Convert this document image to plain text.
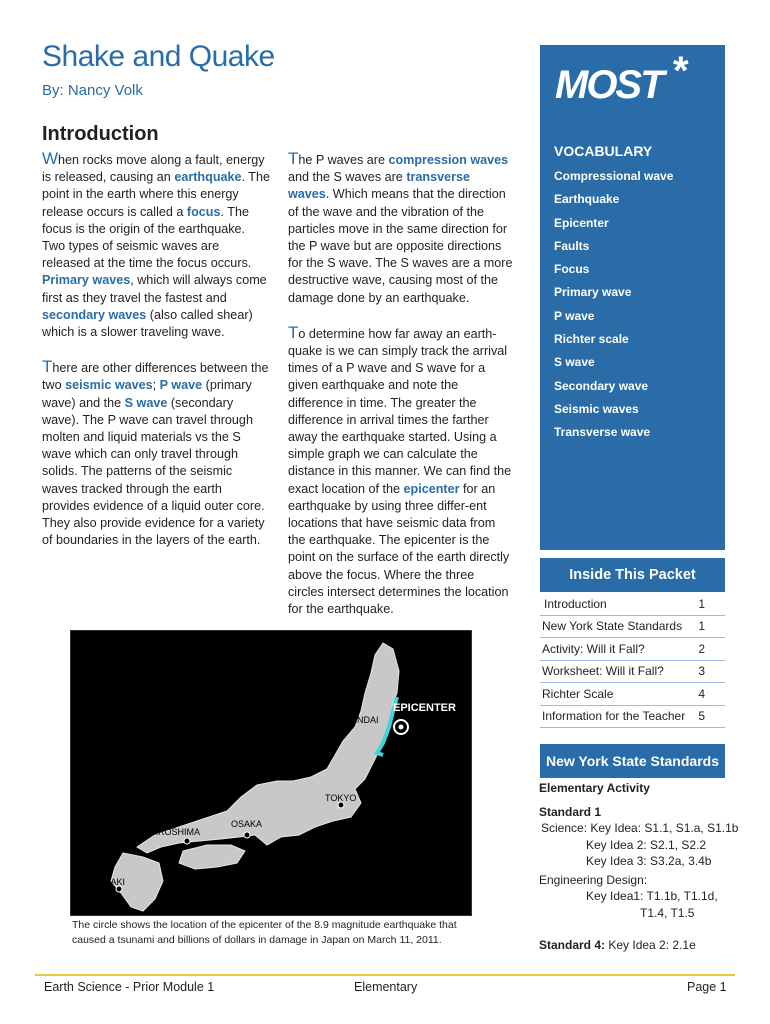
Shake and Quake
By: Nancy Volk
Introduction

When rocks move along a fault, energy is released, causing an earthquake. The point in the earth where this energy release occurs is called a focus. The focus is the origin of the earthquake. Two types of seismic waves are released at the time the focus occurs. Primary waves, which will always come first as they travel the fastest and secondary waves (also called shear) which is a slower traveling wave.

There are other differences between the two seismic waves; P wave (primary wave) and the S wave (secondary wave). The P wave can travel through molten and liquid materials vs the S wave which can only travel through solids. The patterns of the seismic waves tracked through the earth provides evidence of a liquid outer core. They also provide evidence for a variety of boundaries in the layers of the earth.

The P waves are compression waves and the S waves are transverse waves. Which means that the direction of the wave and the vibration of the particles move in the same direction for the P wave but are opposite directions for the S wave. The S waves are a more destructive wave, causing most of the damage done by an earthquake.

To determine how far away an earth-quake is we can simply track the arrival times of a P wave and S wave for a given earthquake and note the difference in time. The greater the difference in arrival times the farther away the earthquake started. Using a simple graph we can calculate the distance in this manner. We can find the exact location of the epicenter for an earthquake by using three differ-ent locations that have seismic data from the earthquake. The epicenter is the point on the surface of the earth directly above the focus. Where the three circles intersect determines the location for the earthquake.

MOST *
VOCABULARY
Compressional wave
Earthquake
Epicenter
Faults
Focus
Primary wave
P wave
Richter scale
S wave
Secondary wave
Seismic waves
Transverse wave
Inside This Packet
Introduction	1
New York State Standards 1
Activity: Will it Fall?	2
Worksheet: Will it Fall?	3
Richter Scale	4
Information for the Teacher 5
New York State Standards
Elementary Activity
Standard 1
Science: Key Idea: S1.1, S1.a, S1.1b
Key Idea 2: S2.1, S2.2
Key Idea 3: S3.2a, 3.4b
Engineering Design:
Key Idea1: T1.1b, T1.1d,
T1.4, T1.5
Standard 4: Key Idea 2: 2.1e
EPICENTER
SENDAI
JAPAN
TOKYO
OSAKA
HIROSHIMA
NAGASAKI
The circle shows the location of the epicenter of the 8.9 magnitude earthquake that caused a tsunami and billions of dollars in damage in Japan on March 11, 2011.
Earth Science - Prior Module 1	Elementary	Page 1
